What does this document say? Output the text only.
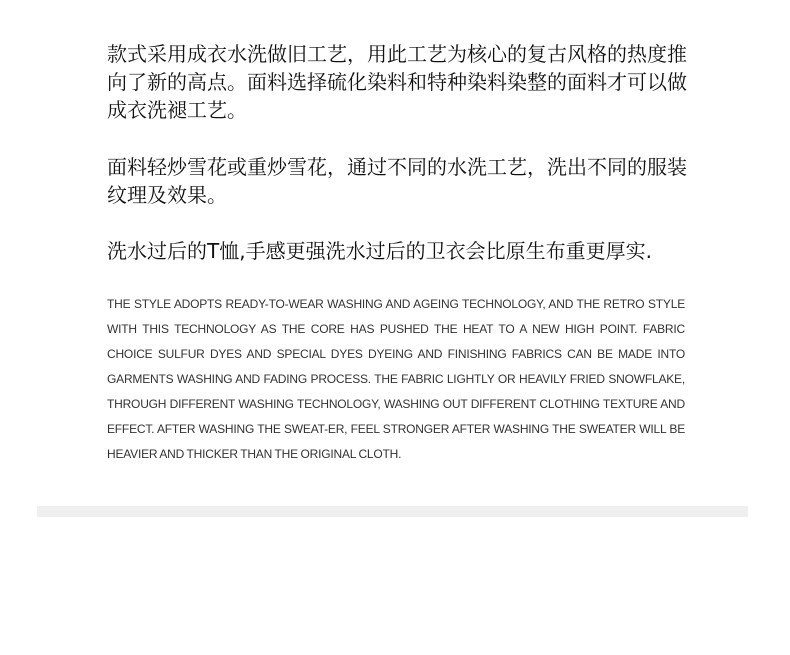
款式采用成衣水洗做旧工艺，用此工艺为核心的复古风格的热度推向了新的高点。面料选择硫化染料和特种染料染整的面料才可以做成衣洗褪工艺。

面料轻炒雪花或重炒雪花，通过不同的水洗工艺，洗出不同的服装纹理及效果。

洗水过后的T恤,手感更强洗水过后的卫衣会比原生布重更厚实.

THE STYLE ADOPTS READY-TO-WEAR WASHING AND AGEING TECHNOLOGY, AND THE RETRO STYLE WITH THIS TECHNOLOGY AS THE CORE HAS PUSHED THE HEAT TO A NEW HIGH POINT. FABRIC CHOICE SULFUR DYES AND SPECIAL DYES DYEING AND FINISHING FABRICS CAN BE MADE INTO GARMENTS WASHING AND FADING PROCESS. THE FABRIC LIGHTLY OR HEAVILY FRIED SNOWFLAKE, THROUGH DIFFERENT WASHING TECHNOLOGY, WASHING OUT DIFFERENT CLOTHING TEXTURE AND EFFECT. AFTER WASHING THE SWEAT-ER, FEEL STRONGER AFTER WASHING THE SWEATER WILL BE HEAVIER AND THICKER THAN THE ORIGINAL CLOTH.
